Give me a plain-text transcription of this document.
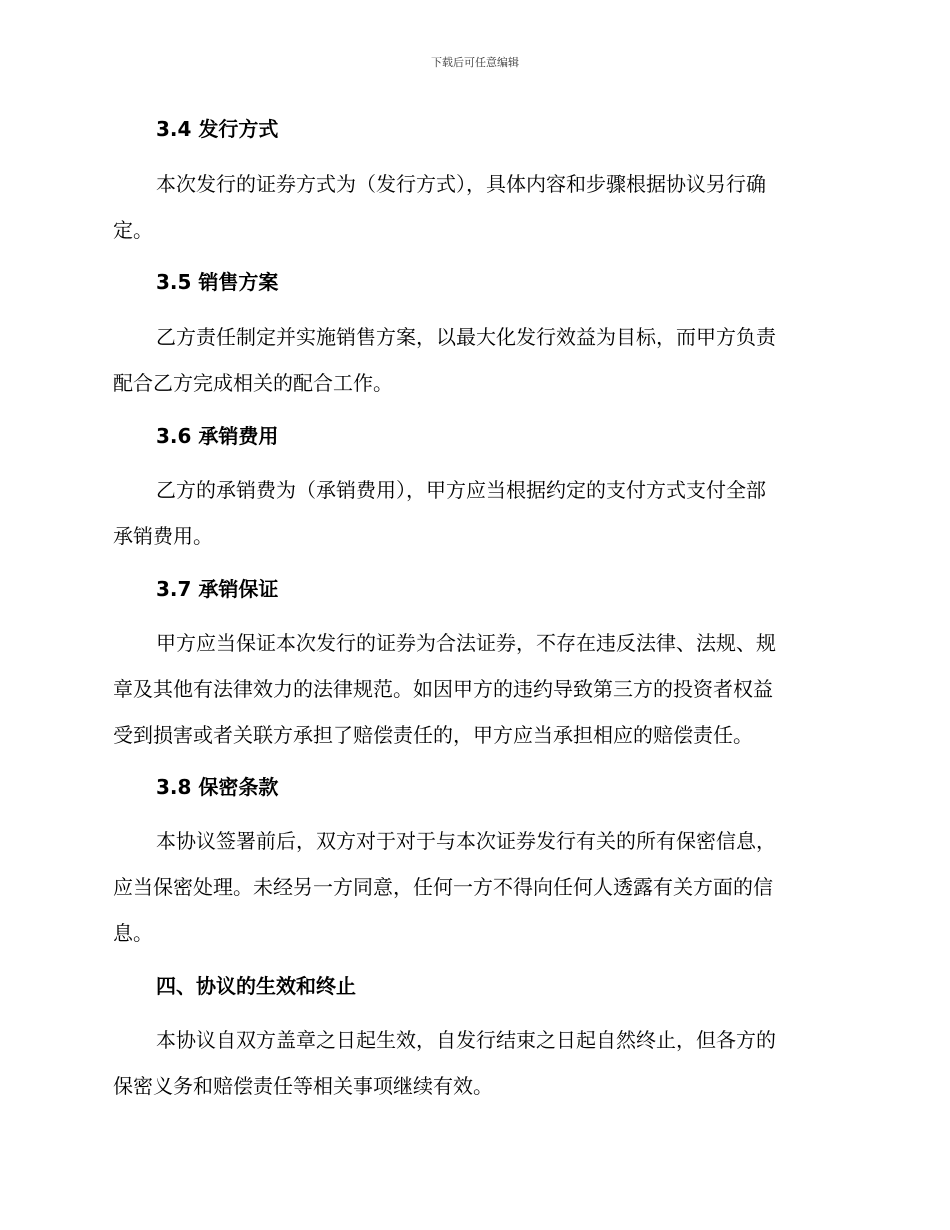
下载后可任意编辑
3.4 发行方式
本次发行的证券方式为（发行方式），具体内容和步骤根据协议另行确
定。
3.5 销售方案
乙方责任制定并实施销售方案，以最大化发行效益为目标，而甲方负责
配合乙方完成相关的配合工作。
3.6 承销费用
乙方的承销费为（承销费用），甲方应当根据约定的支付方式支付全部
承销费用。
3.7 承销保证
甲方应当保证本次发行的证券为合法证券，不存在违反法律、法规、规
章及其他有法律效力的法律规范。如因甲方的违约导致第三方的投资者权益
受到损害或者关联方承担了赔偿责任的，甲方应当承担相应的赔偿责任。
3.8 保密条款
本协议签署前后，双方对于对于与本次证券发行有关的所有保密信息，
应当保密处理。未经另一方同意，任何一方不得向任何人透露有关方面的信
息。
四、协议的生效和终止
本协议自双方盖章之日起生效，自发行结束之日起自然终止，但各方的
保密义务和赔偿责任等相关事项继续有效。
